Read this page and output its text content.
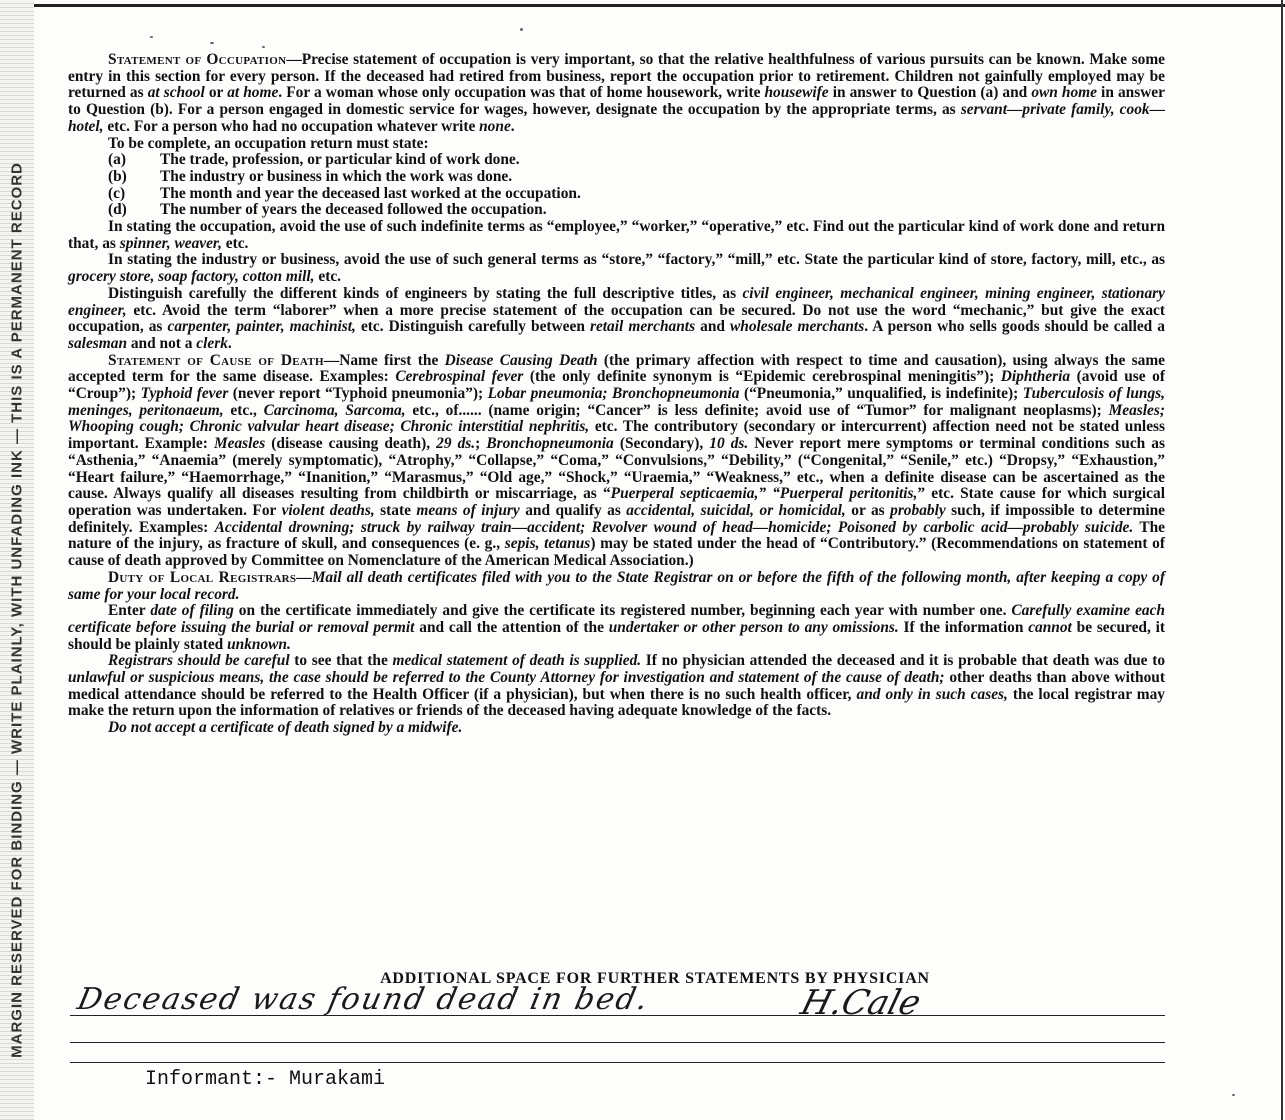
MARGIN RESERVED FOR BINDING — WRITE PLAINLY, WITH UNFADING INK — THIS IS A PERMANENT RECORD

Statement of Occupation—Precise statement of occupation is very important, so that the relative healthfulness of various pursuits can be known. Make some entry in this section for every person. If the deceased had retired from business, report the occupation prior to retirement. Children not gainfully employed may be returned as at school or at home. For a woman whose only occupation was that of home housework, write housewife in answer to Question (a) and own home in answer to Question (b). For a person engaged in domestic service for wages, however, designate the occupation by the appropriate terms, as servant—private family, cook—hotel, etc. For a person who had no occupation whatever write none.

To be complete, an occupation return must state:

(a) The trade, profession, or particular kind of work done.
(b) The industry or business in which the work was done.
(c) The month and year the deceased last worked at the occupation.
(d) The number of years the deceased followed the occupation.

In stating the occupation, avoid the use of such indefinite terms as “employee,” “worker,” “operative,” etc. Find out the particular kind of work done and return that, as spinner, weaver, etc.

In stating the industry or business, avoid the use of such general terms as “store,” “factory,” “mill,” etc. State the particular kind of store, factory, mill, etc., as grocery store, soap factory, cotton mill, etc.

Distinguish carefully the different kinds of engineers by stating the full descriptive titles, as civil engineer, mechanical engineer, mining engineer, stationary engineer, etc. Avoid the term “laborer” when a more precise statement of the occupation can be secured. Do not use the word “mechanic,” but give the exact occupation, as carpenter, painter, machinist, etc. Distinguish carefully between retail merchants and wholesale merchants. A person who sells goods should be called a salesman and not a clerk.

Statement of Cause of Death—Name first the Disease Causing Death (the primary affection with respect to time and causation), using always the same accepted term for the same disease. Examples: Cerebrospinal fever (the only definite synonym is “Epidemic cerebrospinal meningitis”); Diphtheria (avoid use of “Croup”); Typhoid fever (never report “Typhoid pneumonia”); Lobar pneumonia; Bronchopneumonia (“Pneumonia,” unqualified, is indefinite); Tuberculosis of lungs, meninges, peritonaeum, etc., Carcinoma, Sarcoma, etc., of...... (name origin; “Cancer” is less definite; avoid use of “Tumor” for malignant neoplasms); Measles; Whooping cough; Chronic valvular heart disease; Chronic interstitial nephritis, etc. The contributory (secondary or intercurrent) affection need not be stated unless important. Example: Measles (disease causing death), 29 ds.; Bronchopneumonia (Secondary), 10 ds. Never report mere symptoms or terminal conditions such as “Asthenia,” “Anaemia” (merely symptomatic), “Atrophy,” “Collapse,” “Coma,” “Convulsions,” “Debility,” (“Congenital,” “Senile,” etc.) “Dropsy,” “Exhaustion,” “Heart failure,” “Haemorrhage,” “Inanition,” “Marasmus,” “Old age,” “Shock,” “Uraemia,” “Weakness,” etc., when a definite disease can be ascertained as the cause. Always qualify all diseases resulting from childbirth or miscarriage, as “Puerperal septicaemia,” “Puerperal peritonitis,” etc. State cause for which surgical operation was undertaken. For violent deaths, state means of injury and qualify as accidental, suicidal, or homicidal, or as probably such, if impossible to determine definitely. Examples: Accidental drowning; struck by railway train—accident; Revolver wound of head—homicide; Poisoned by carbolic acid—probably suicide. The nature of the injury, as fracture of skull, and consequences (e. g., sepis, tetanus) may be stated under the head of “Contributory.” (Recommendations on statement of cause of death approved by Committee on Nomenclature of the American Medical Association.)

Duty of Local Registrars—Mail all death certificates filed with you to the State Registrar on or before the fifth of the following month, after keeping a copy of same for your local record.

Enter date of filing on the certificate immediately and give the certificate its registered number, beginning each year with number one. Carefully examine each certificate before issuing the burial or removal permit and call the attention of the undertaker or other person to any omissions. If the information cannot be secured, it should be plainly stated unknown.

Registrars should be careful to see that the medical statement of death is supplied. If no physician attended the deceased and it is probable that death was due to unlawful or suspicious means, the case should be referred to the County Attorney for investigation and statement of the cause of death; other deaths than above without medical attendance should be referred to the Health Officer (if a physician), but when there is no such health officer, and only in such cases, the local registrar may make the return upon the information of relatives or friends of the deceased having adequate knowledge of the facts.

Do not accept a certificate of death signed by a midwife.

ADDITIONAL SPACE FOR FURTHER STATEMENTS BY PHYSICIAN
Deceased was found dead in bed.	H.Cale
Informant:- Murakami
